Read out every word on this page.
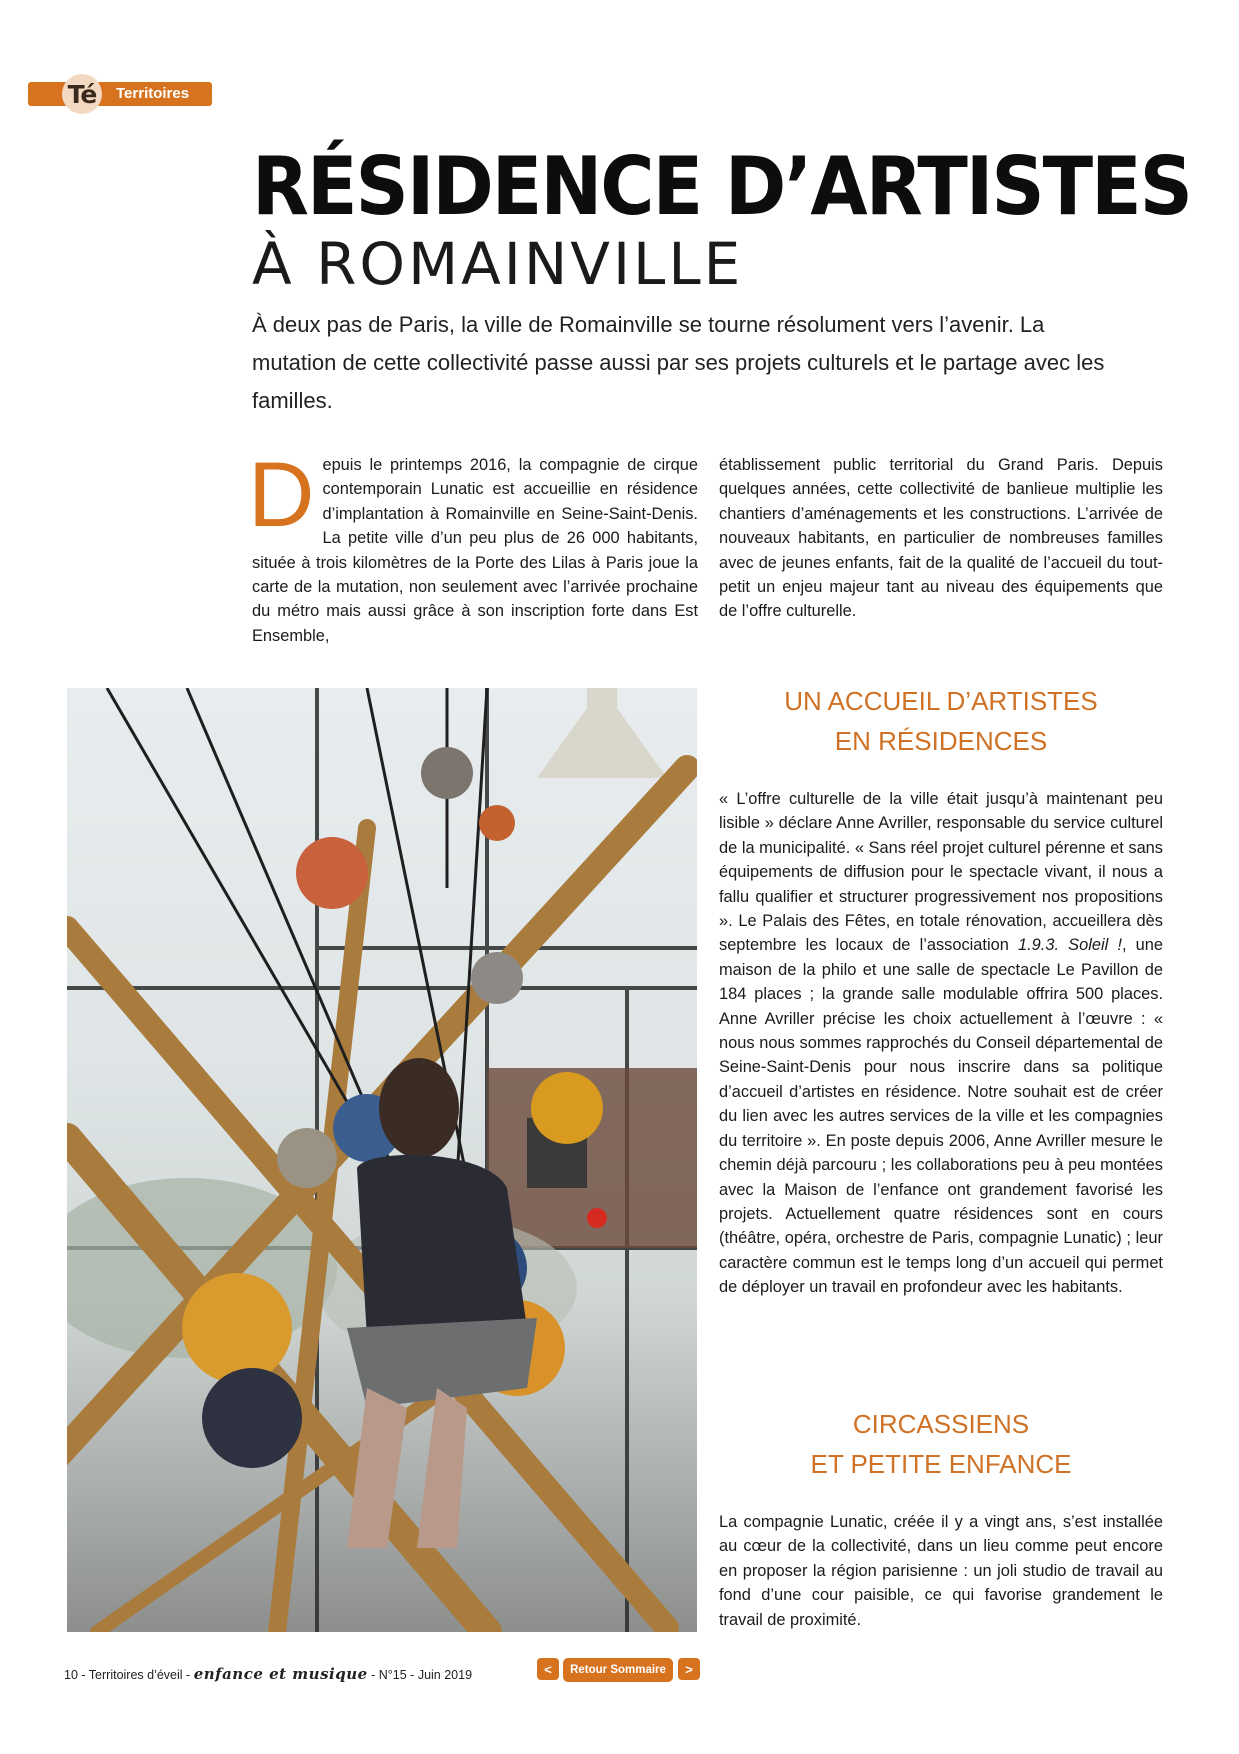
Té	Territoires
RÉSIDENCE D’ARTISTES
À ROMAINVILLE

À deux pas de Paris, la ville de Romainville se tourne résolument vers l’avenir. La mutation de cette collectivité passe aussi par ses projets culturels et le partage avec les familles.

Depuis le printemps 2016, la compagnie de cirque contemporain Lunatic est accueillie en résidence d’implantation à Romainville en Seine-Saint-Denis. La petite ville d’un peu plus de 26 000 habitants, située à trois kilomètres de la Porte des Lilas à Paris joue la carte de la mutation, non seulement avec l’arrivée prochaine du métro mais aussi grâce à son inscription forte dans Est Ensemble,

établissement public territorial du Grand Paris. Depuis quelques années, cette collectivité de banlieue multiplie les chantiers d’aménagements et les constructions. L’arrivée de nouveaux habitants, en particulier de nombreuses familles avec de jeunes enfants, fait de la qualité de l’accueil du tout-petit un enjeu majeur tant au niveau des équipements que de l’offre culturelle.

UN ACCUEIL D’ARTISTES
EN RÉSIDENCES

« L’offre culturelle de la ville était jusqu’à maintenant peu lisible » déclare Anne Avriller, responsable du service culturel de la municipalité. « Sans réel projet culturel pérenne et sans équipements de diffusion pour le spectacle vivant, il nous a fallu qualifier et structurer progressivement nos propositions ». Le Palais des Fêtes, en totale rénovation, accueillera dès septembre les locaux de l’association 1.9.3. Soleil !, une maison de la philo et une salle de spectacle Le Pavillon de 184 places ; la grande salle modulable offrira 500 places. Anne Avriller précise les choix actuellement à l’œuvre : « nous nous sommes rapprochés du Conseil départemental de Seine-Saint-Denis pour nous inscrire dans sa politique d’accueil d’artistes en résidence. Notre souhait est de créer du lien avec les autres services de la ville et les compagnies du territoire ». En poste depuis 2006, Anne Avriller mesure le chemin déjà parcouru ; les collaborations peu à peu montées avec la Maison de l’enfance ont grandement favorisé les projets. Actuellement quatre résidences sont en cours (théâtre, opéra, orchestre de Paris, compagnie Lunatic) ; leur caractère commun est le temps long d’un accueil qui permet de déployer un travail en profondeur avec les habitants.

CIRCASSIENS
ET PETITE ENFANCE

La compagnie Lunatic, créée il y a vingt ans, s’est installée au cœur de la collectivité, dans un lieu comme peut encore en proposer la région parisienne : un joli studio de travail au fond d’une cour paisible, ce qui favorise grandement le travail de proximité.

10 - Territoires d’éveil - enfance et musique - N°15 - Juin 2019	<	Retour Sommaire	>
